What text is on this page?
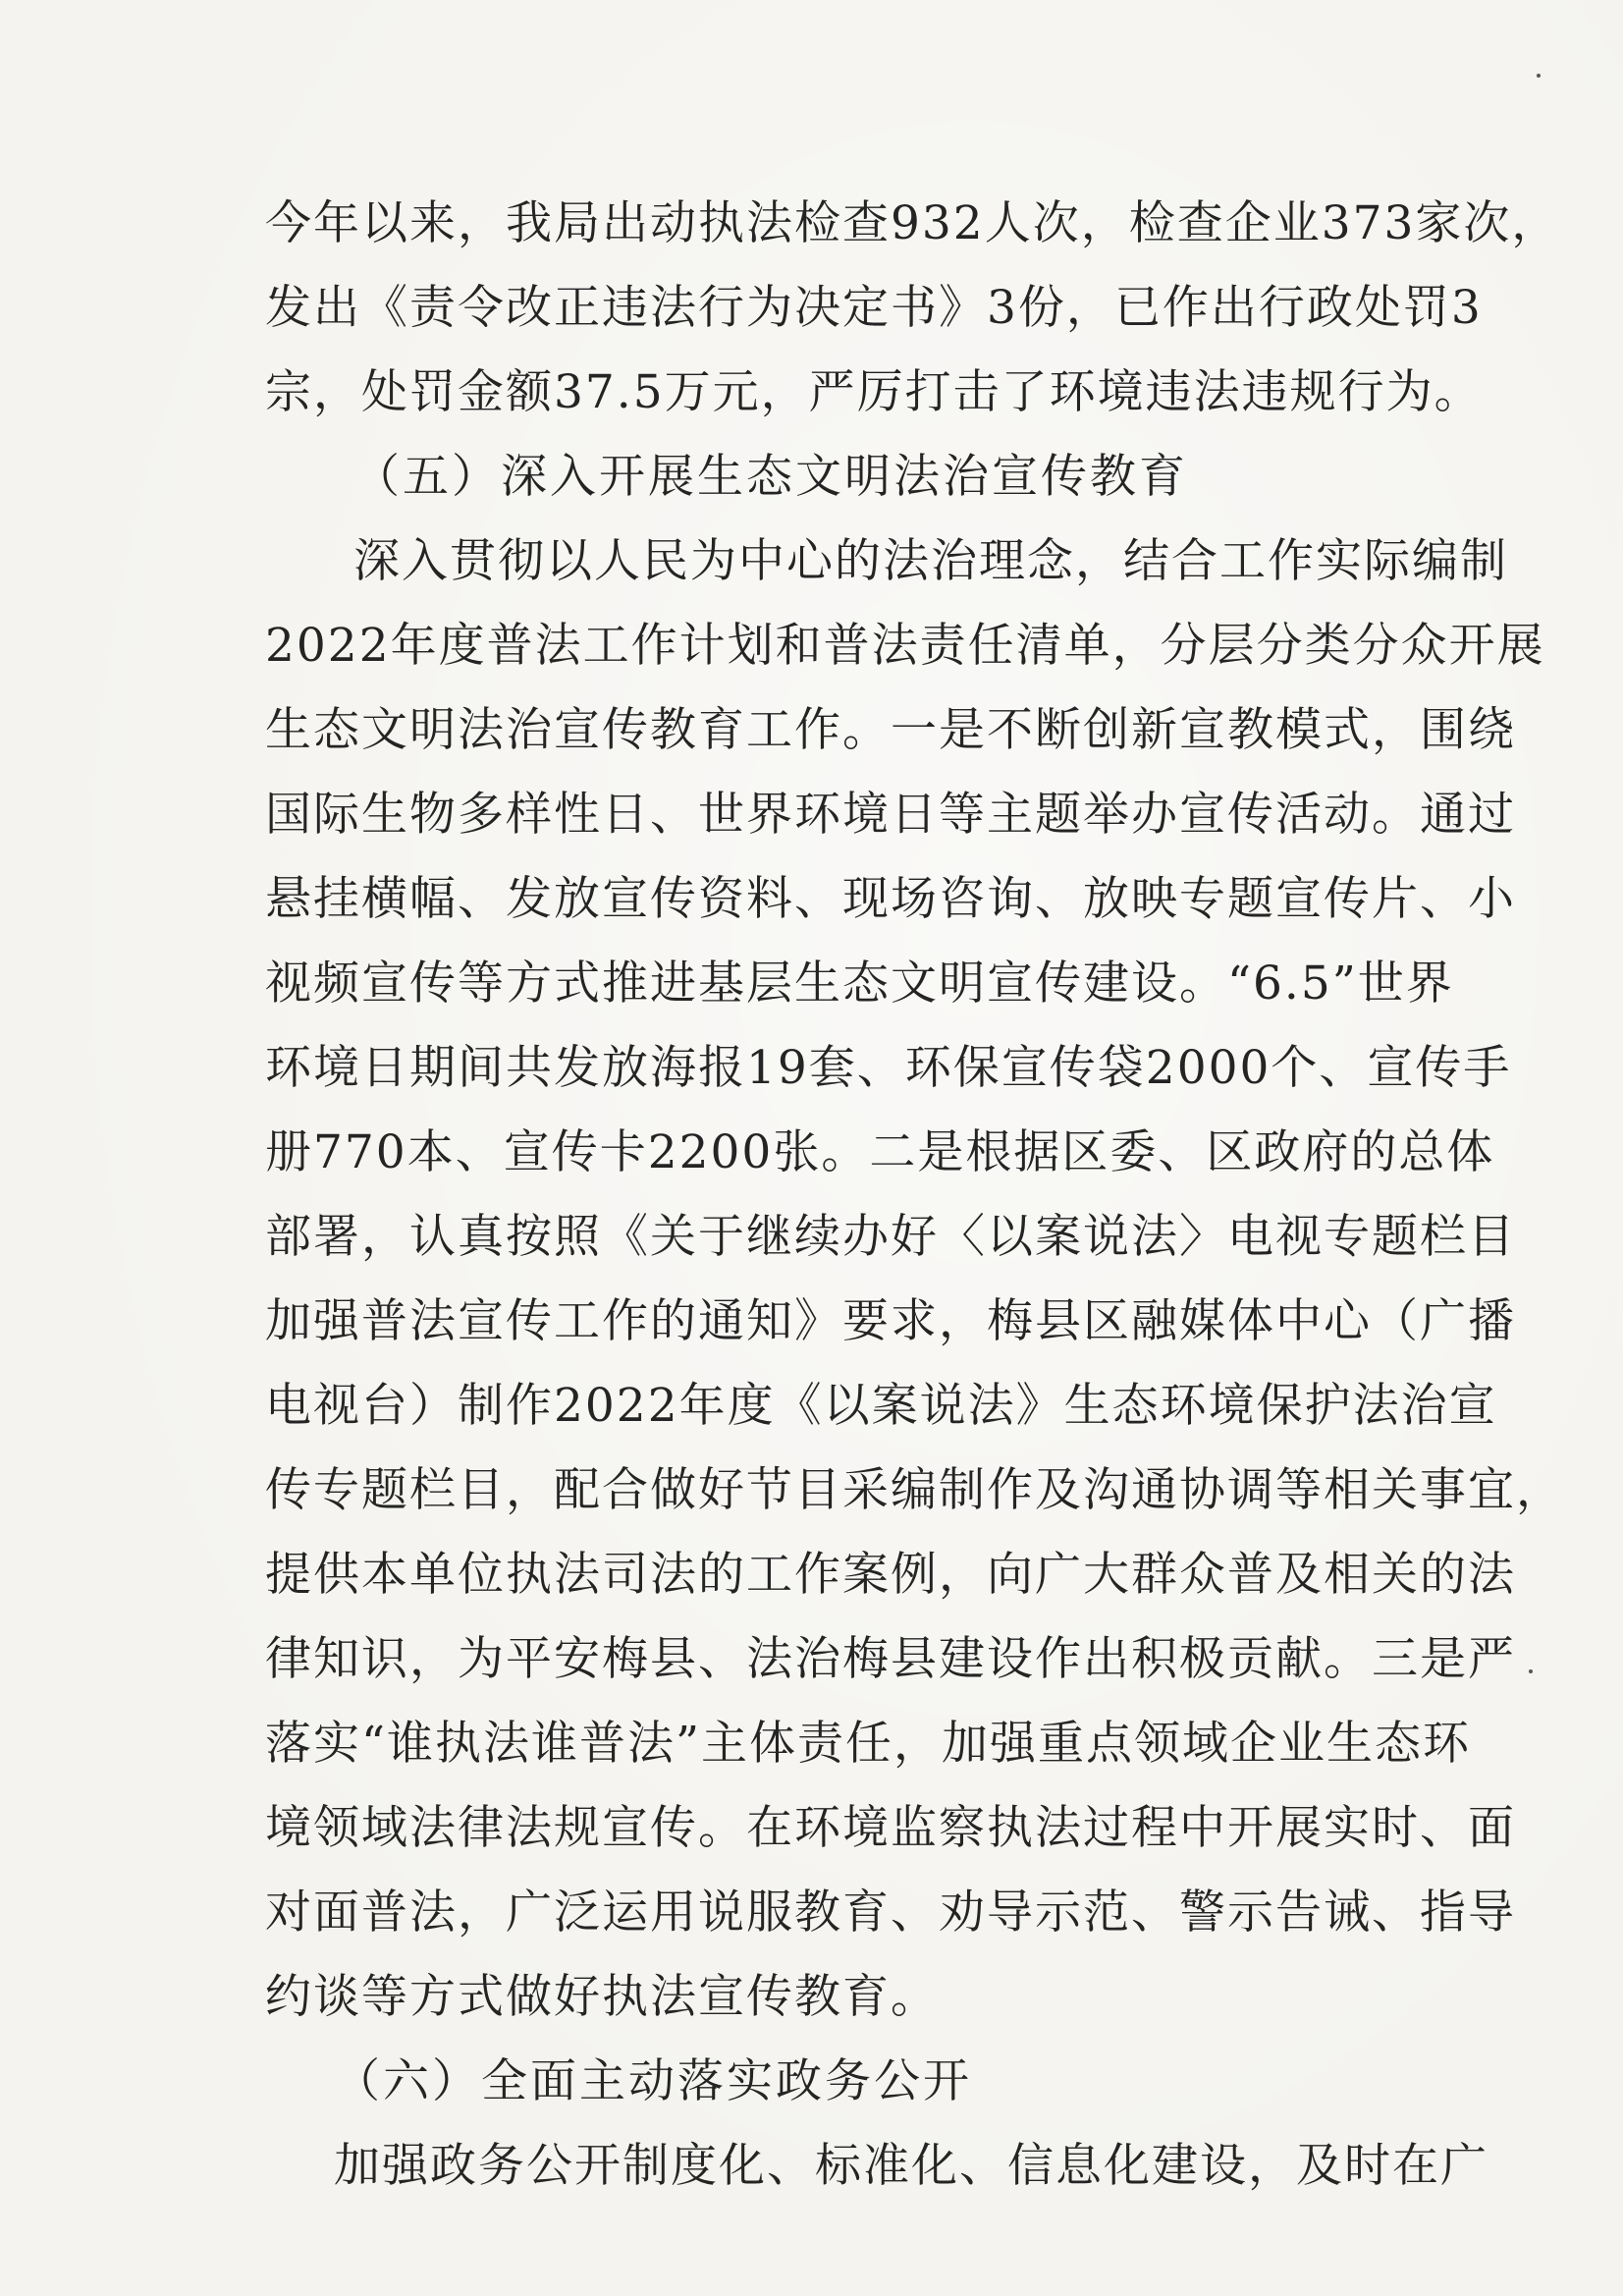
今年以来，我局出动执法检查932人次，检查企业373家次，
发出《责令改正违法行为决定书》3份，已作出行政处罚3
宗，处罚金额37.5万元，严厉打击了环境违法违规行为。
（五）深入开展生态文明法治宣传教育
深入贯彻以人民为中心的法治理念，结合工作实际编制
2022年度普法工作计划和普法责任清单，分层分类分众开展
生态文明法治宣传教育工作。一是不断创新宣教模式，围绕
国际生物多样性日、世界环境日等主题举办宣传活动。通过
悬挂横幅、发放宣传资料、现场咨询、放映专题宣传片、小
视频宣传等方式推进基层生态文明宣传建设。“6.5”世界
环境日期间共发放海报19套、环保宣传袋2000个、宣传手
册770本、宣传卡2200张。二是根据区委、区政府的总体
部署，认真按照《关于继续办好〈以案说法〉电视专题栏目
加强普法宣传工作的通知》要求，梅县区融媒体中心（广播
电视台）制作2022年度《以案说法》生态环境保护法治宣
传专题栏目，配合做好节目采编制作及沟通协调等相关事宜，
提供本单位执法司法的工作案例，向广大群众普及相关的法
律知识，为平安梅县、法治梅县建设作出积极贡献。三是严
落实“谁执法谁普法”主体责任，加强重点领域企业生态环
境领域法律法规宣传。在环境监察执法过程中开展实时、面
对面普法，广泛运用说服教育、劝导示范、警示告诫、指导
约谈等方式做好执法宣传教育。
（六）全面主动落实政务公开
加强政务公开制度化、标准化、信息化建设，及时在广
